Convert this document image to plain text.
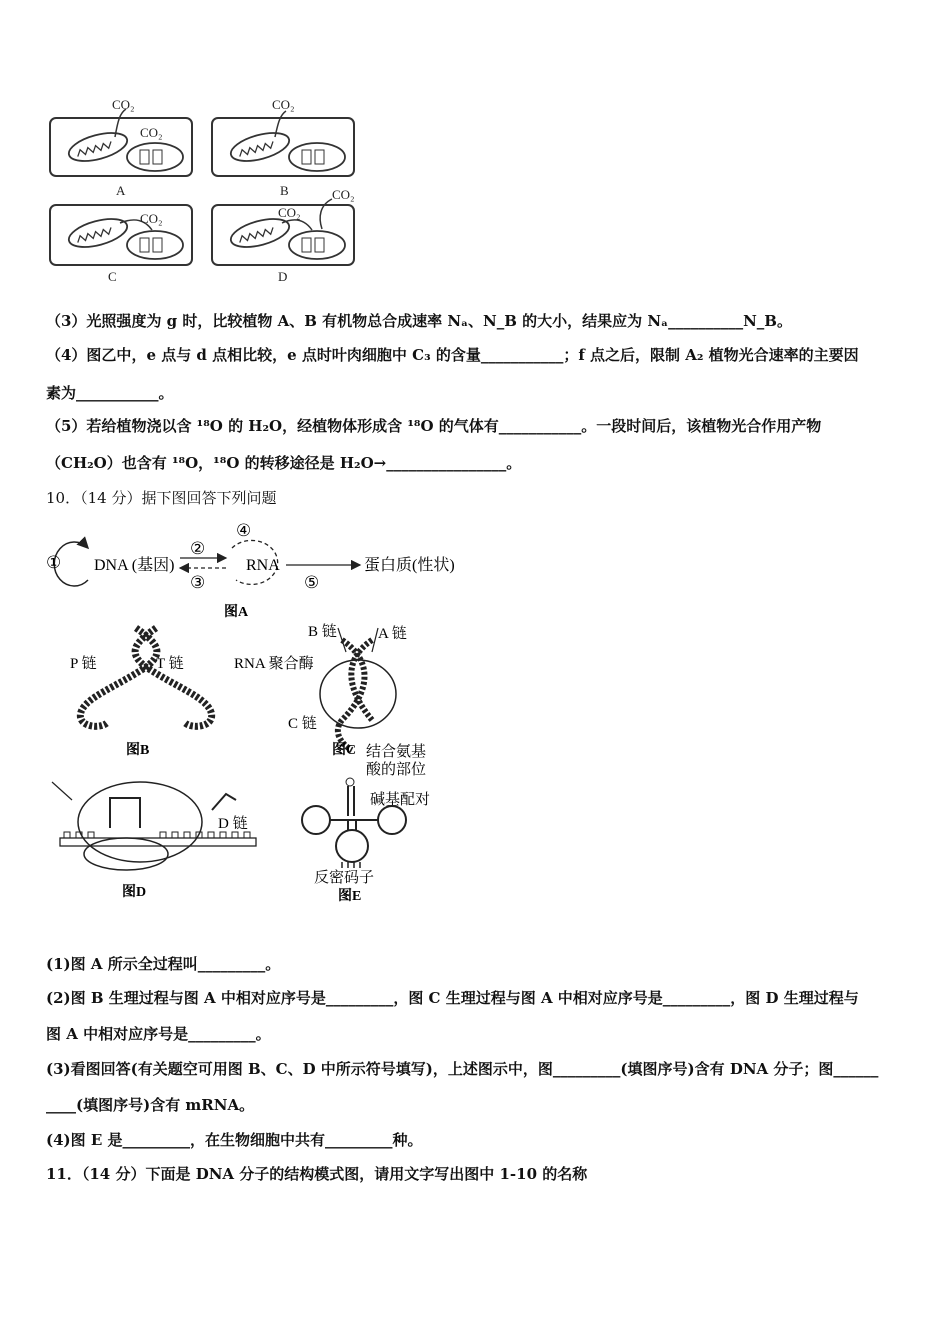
CO₂
CO₂
A
CO₂
B
CO₂
C
CO₂
CO₂
D
（3）光照强度为 g 时，比较植物 A、B 有机物总合成速率 Nₐ、N_B 的大小，结果应为 Nₐ__________N_B。
（4）图乙中，e 点与 d 点相比较，e 点时叶肉细胞中 C₃ 的含量___________；f 点之后，限制 A₂ 植物光合速率的主要因
素为___________。
（5）若给植物浇以含 ¹⁸O 的 H₂O，经植物体形成含 ¹⁸O 的气体有___________。一段时间后，该植物光合作用产物
（CH₂O）也含有 ¹⁸O，¹⁸O 的转移途径是 H₂O→________________。
10．（14 分）据下图回答下列问题
① DNA (基因)
②
③
④
RNA
⑤
蛋白质(性状)
图A
P 链	T 链
图B
B 链	A 链
RNA 聚合酶
C 链
图C
D 链
图D
结合氨基
酸的部位
碱基配对
反密码子
图E
(1)图 A 所示全过程叫_________。
(2)图 B 生理过程与图 A 中相对应序号是_________，图 C 生理过程与图 A 中相对应序号是_________，图 D 生理过程与
图 A 中相对应序号是_________。
(3)看图回答(有关题空可用图 B、C、D 中所示符号填写)，上述图示中，图_________(填图序号)含有 DNA 分子；图______
____(填图序号)含有 mRNA。
(4)图 E 是_________，在生物细胞中共有_________种。
11．（14 分）下面是 DNA 分子的结构模式图，请用文字写出图中 1-10 的名称
